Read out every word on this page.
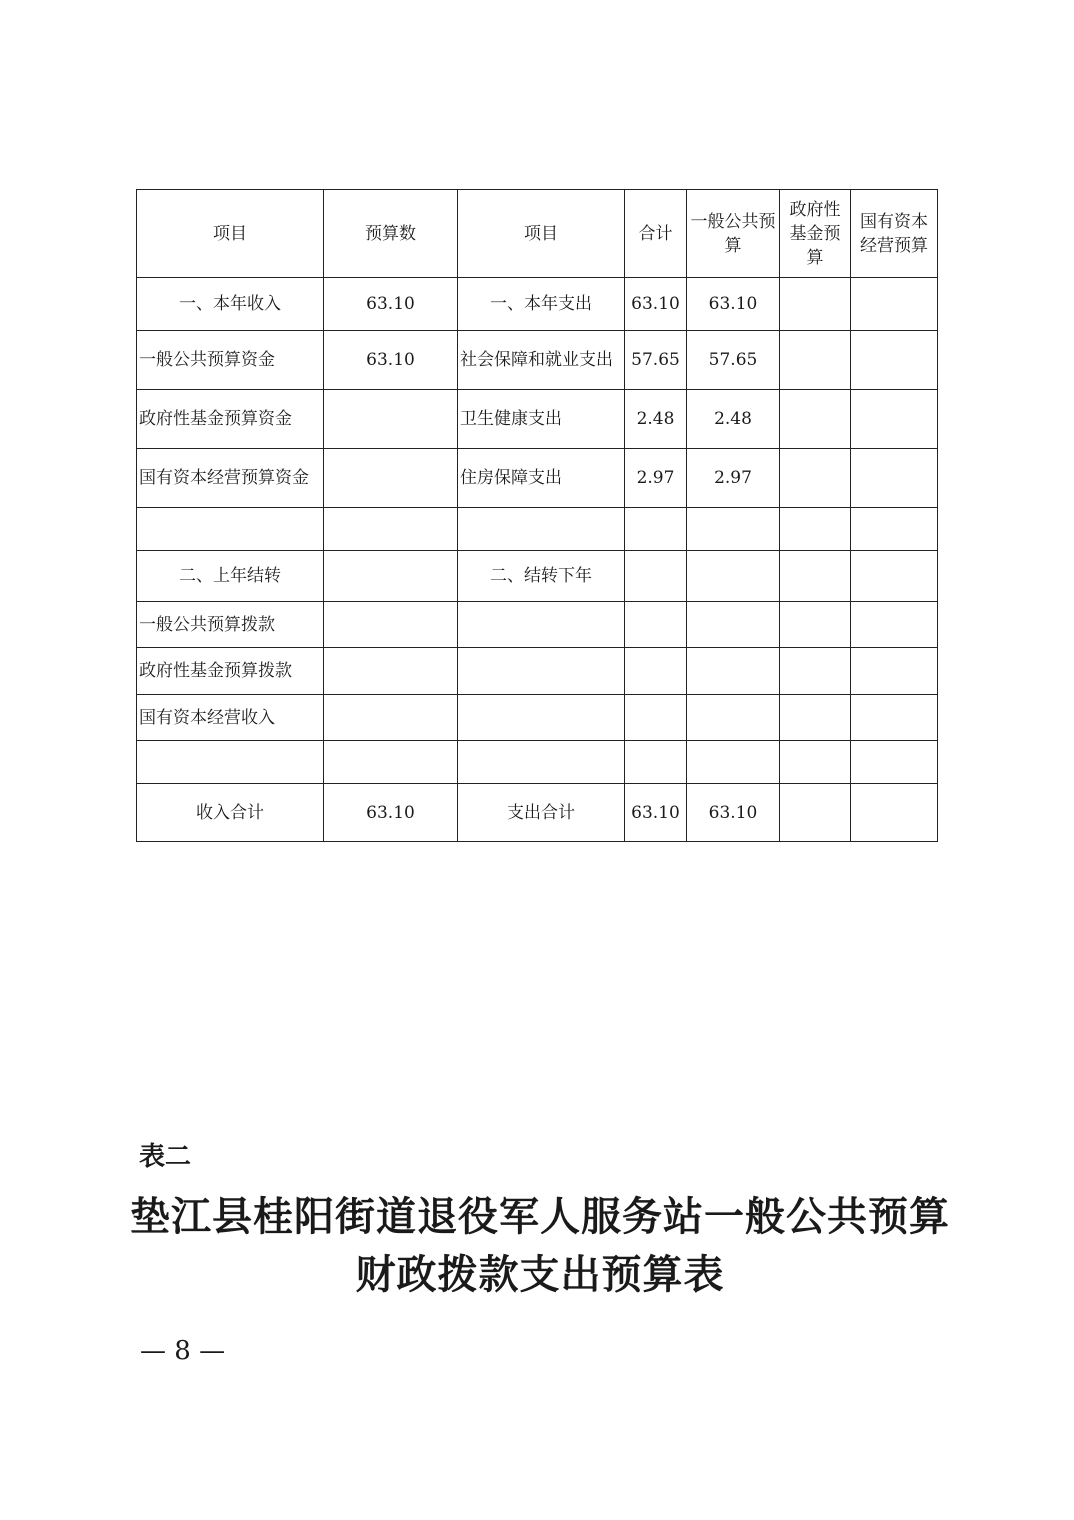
项目	预算数	项目	合计	一般公共预算	政府性基金预算	国有资本经营预算
一、本年收入	63.10	一、本年支出	63.10	63.10		
一般公共预算资金	63.10	社会保障和就业支出	57.65	57.65		
政府性基金预算资金		卫生健康支出	2.48	2.48		
国有资本经营预算资金		住房保障支出	2.97	2.97		

二、上年结转		二、结转下年				
一般公共预算拨款						
政府性基金预算拨款						
国有资本经营收入						

收入合计	63.10	支出合计	63.10	63.10		
表二
垫江县桂阳街道退役军人服务站一般公共预算
财政拨款支出预算表
— 8 —
